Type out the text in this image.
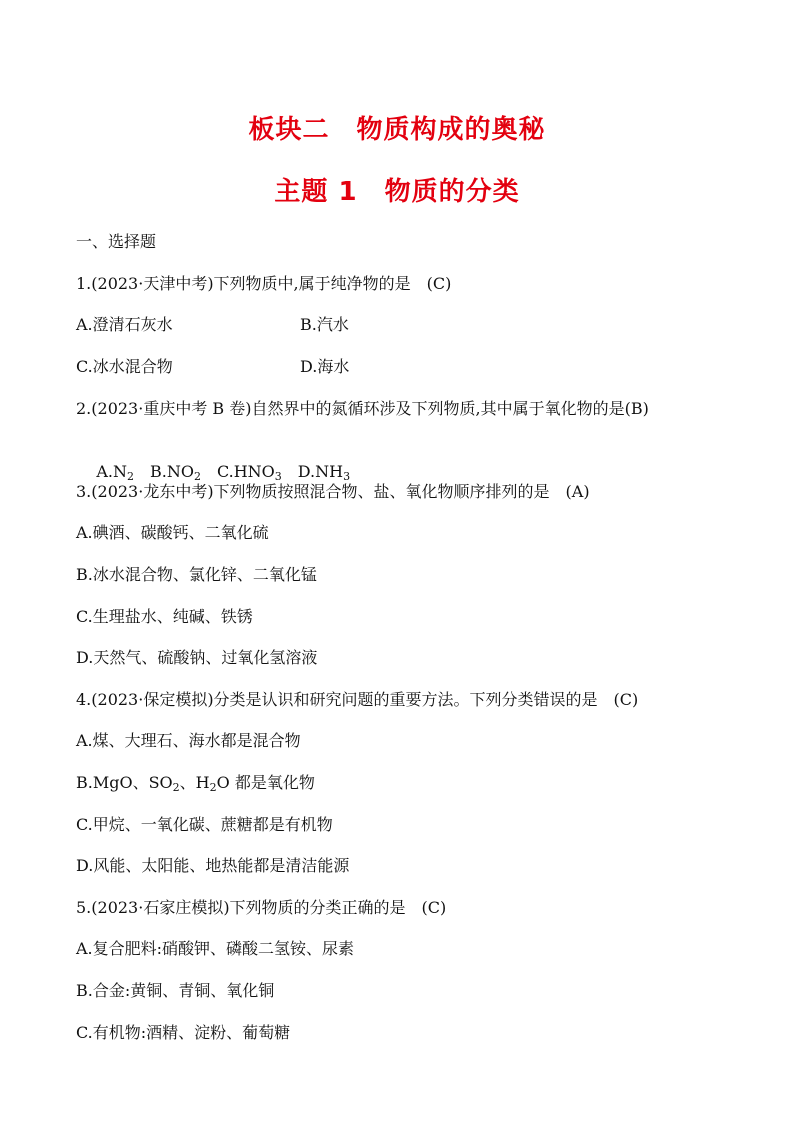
板块二　物质构成的奥秘
主题 1　物质的分类
一、选择题
1.(2023·天津中考)下列物质中,属于纯净物的是　(C)
A.澄清石灰水	B.汽水
C.冰水混合物	D.海水
2.(2023·重庆中考 B 卷)自然界中的氮循环涉及下列物质,其中属于氧化物的是(B)

$A.N_2$ $B.NO_2$ $C.HNO_3$ $D.NH_3$

3.(2023·龙东中考)下列物质按照混合物、盐、氧化物顺序排列的是　(A)
A.碘酒、碳酸钙、二氧化硫
B.冰水混合物、氯化锌、二氧化锰
C.生理盐水、纯碱、铁锈
D.天然气、硫酸钠、过氧化氢溶液
4.(2023·保定模拟)分类是认识和研究问题的重要方法。下列分类错误的是　(C)
A.煤、大理石、海水都是混合物
B.MgO、$SO_2$、$H_2O$ 都是氧化物
C.甲烷、一氧化碳、蔗糖都是有机物
D.风能、太阳能、地热能都是清洁能源
5.(2023·石家庄模拟)下列物质的分类正确的是　(C)
A.复合肥料:硝酸钾、磷酸二氢铵、尿素
B.合金:黄铜、青铜、氧化铜
C.有机物:酒精、淀粉、葡萄糖
